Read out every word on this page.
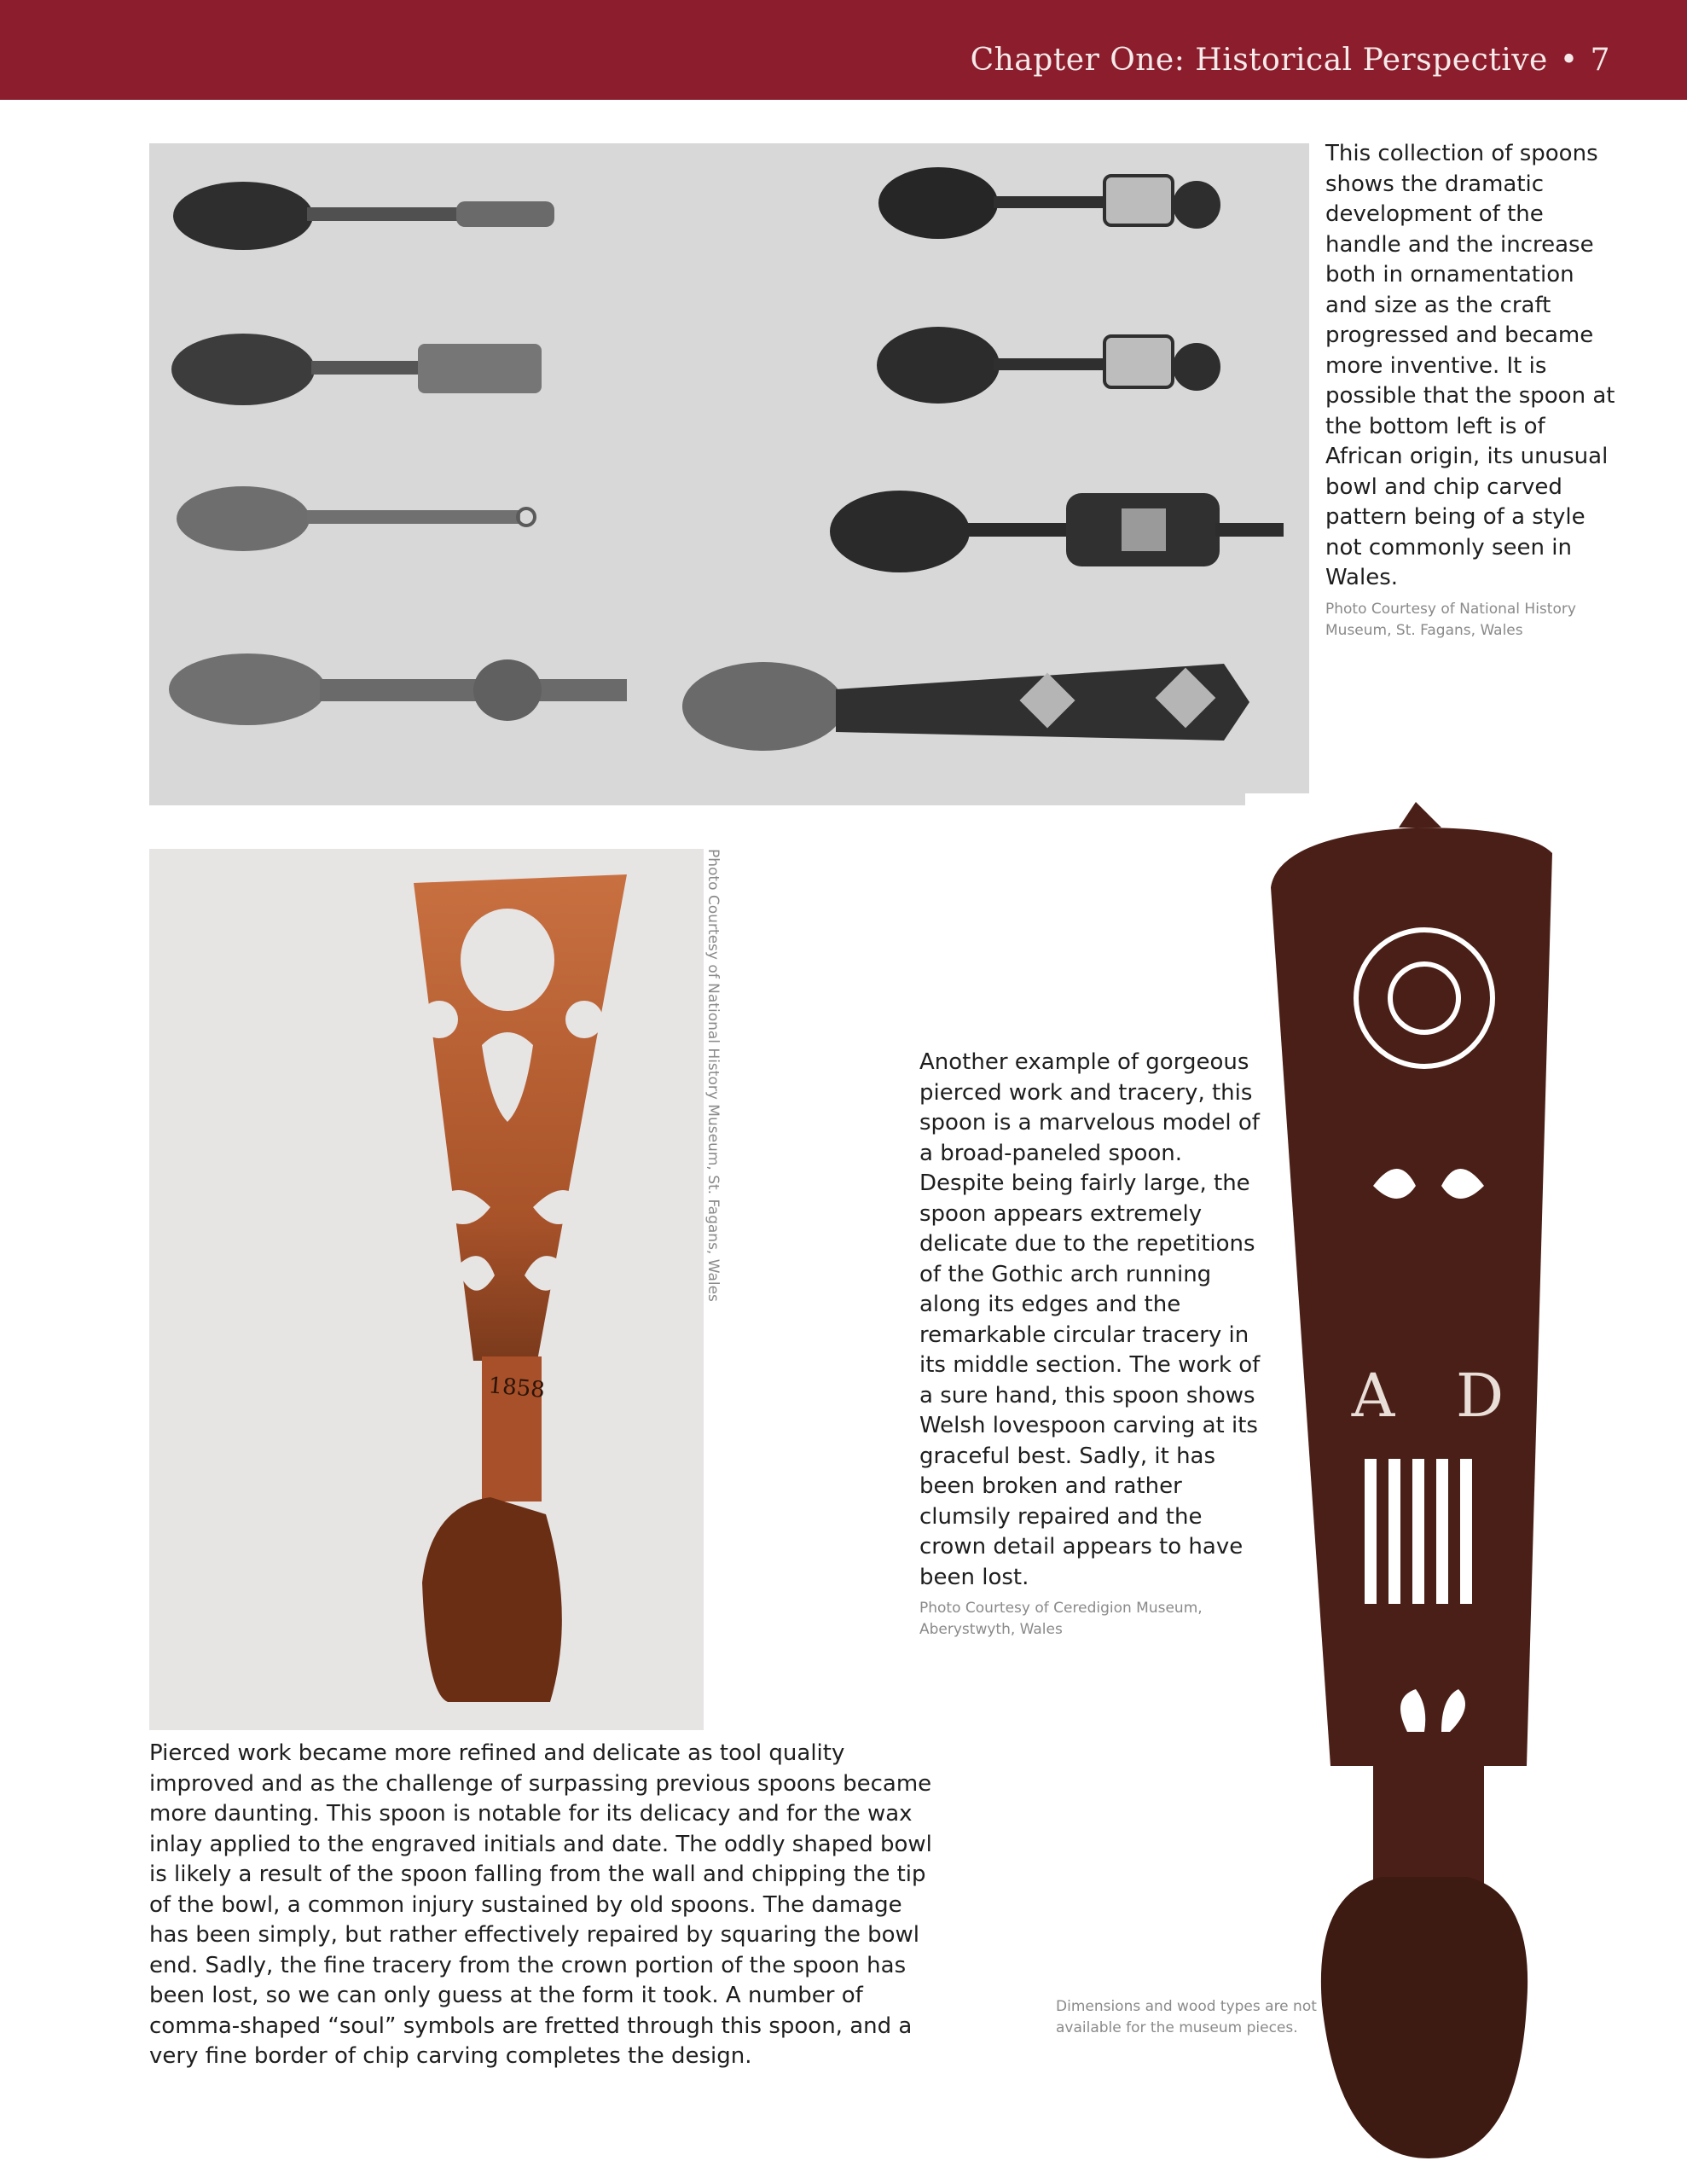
Chapter One: Historical Perspective • 7
This collection of spoons shows the dramatic development of the handle and the increase both in ornamentation and size as the craft progressed and became more inventive. It is possible that the spoon at the bottom left is of African origin, its unusual bowl and chip carved pattern being of a style not commonly seen in Wales.
Photo Courtesy of National History Museum, St. Fagans, Wales
1858
Photo Courtesy of National History Museum, St. Fagans, Wales
Pierced work became more refined and delicate as tool quality improved and as the challenge of surpassing previous spoons became more daunting. This spoon is notable for its delicacy and for the wax inlay applied to the engraved initials and date. The oddly shaped bowl is likely a result of the spoon falling from the wall and chipping the tip of the bowl, a common injury sustained by old spoons. The damage has been simply, but rather effectively repaired by squaring the bowl end. Sadly, the fine tracery from the crown portion of the spoon has been lost, so we can only guess at the form it took. A number of comma-shaped “soul” symbols are fretted through this spoon, and a very fine border of chip carving completes the design.
A D
Another example of gorgeous pierced work and tracery, this spoon is a marvelous model of a broad-paneled spoon. Despite being fairly large, the spoon appears extremely delicate due to the repetitions of the Gothic arch running along its edges and the remarkable circular tracery in its middle section. The work of a sure hand, this spoon shows Welsh lovespoon carving at its graceful best. Sadly, it has been broken and rather clumsily repaired and the crown detail appears to have been lost.
Photo Courtesy of Ceredigion Museum, Aberystwyth, Wales
Dimensions and wood types are not available for the museum pieces.
